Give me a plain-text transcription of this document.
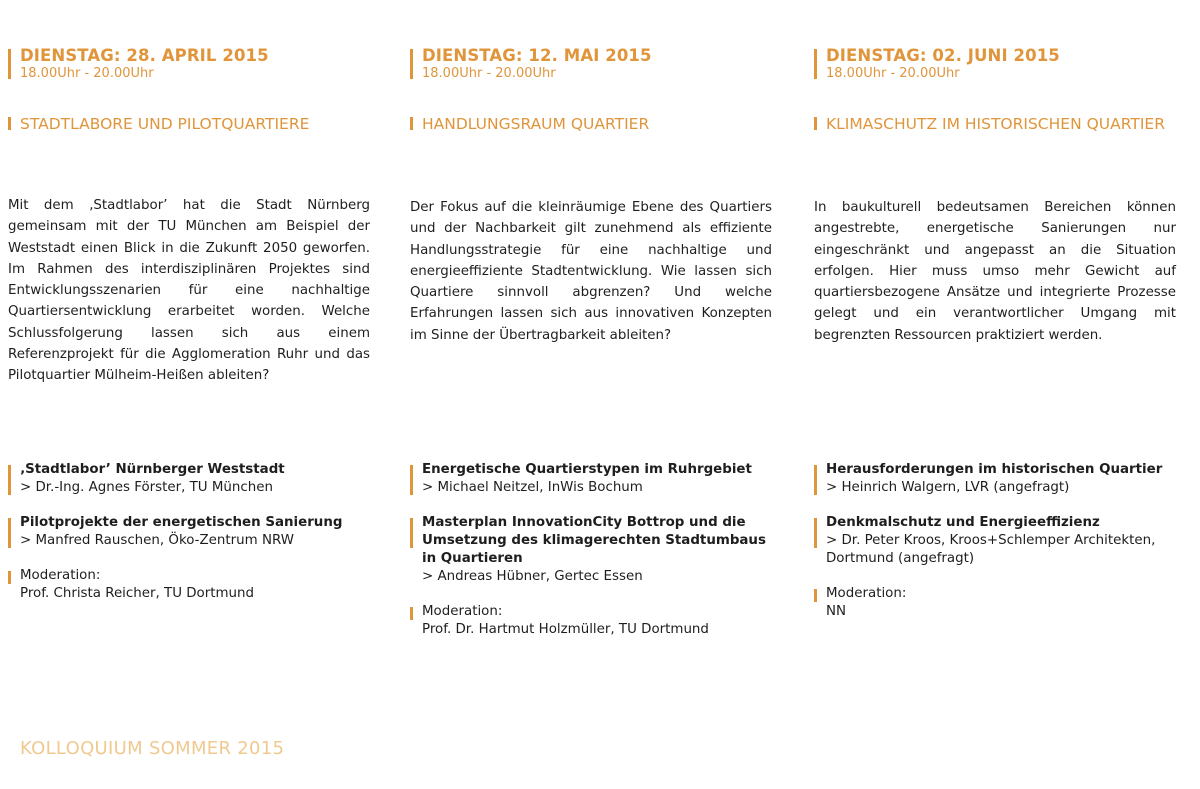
DIENSTAG: 28. APRIL 2015
18.00Uhr - 20.00Uhr
STADTLABORE UND PILOTQUARTIERE

Mit dem ‚Stadtlabor’ hat die Stadt Nürnberg gemeinsam mit der TU München am Beispiel der Weststadt einen Blick in die Zukunft 2050 geworfen. Im Rahmen des interdisziplinären Projektes sind Entwicklungsszenarien für eine nachhaltige Quartiersentwicklung erarbeitet worden. Welche Schlussfolgerung lassen sich aus einem Referenzprojekt für die Agglomeration Ruhr und das Pilotquartier Mülheim-Heißen ableiten?

‚Stadtlabor’ Nürnberger Weststadt
> Dr.-Ing. Agnes Förster, TU München
Pilotprojekte der energetischen Sanierung
> Manfred Rauschen, Öko-Zentrum NRW
Moderation:
Prof. Christa Reicher, TU Dortmund
DIENSTAG: 12. MAI 2015
18.00Uhr - 20.00Uhr
HANDLUNGSRAUM QUARTIER

Der Fokus auf die kleinräumige Ebene des Quartiers und der Nachbarkeit gilt zunehmend als effiziente Handlungsstrategie für eine nachhaltige und energieeffiziente Stadtentwicklung. Wie lassen sich Quartiere sinnvoll abgrenzen? Und welche Erfahrungen lassen sich aus innovativen Konzepten im Sinne der Übertragbarkeit ableiten?

Energetische Quartierstypen im Ruhrgebiet
> Michael Neitzel, InWis Bochum
Masterplan InnovationCity Bottrop und die Umsetzung des klimagerechten Stadtumbaus in Quartieren
> Andreas Hübner, Gertec Essen
Moderation:
Prof. Dr. Hartmut Holzmüller, TU Dortmund
DIENSTAG: 02. JUNI 2015
18.00Uhr - 20.00Uhr
KLIMASCHUTZ IM HISTORISCHEN QUARTIER

In baukulturell bedeutsamen Bereichen können angestrebte, energetische Sanierungen nur eingeschränkt und angepasst an die Situation erfolgen. Hier muss umso mehr Gewicht auf quartiersbezogene Ansätze und integrierte Prozesse gelegt und ein verantwortlicher Umgang mit begrenzten Ressourcen praktiziert werden.

Herausforderungen im historischen Quartier
> Heinrich Walgern, LVR (angefragt)
Denkmalschutz und Energieeffizienz
> Dr. Peter Kroos, Kroos+Schlemper Architekten, Dortmund (angefragt)
Moderation:
NN
KOLLOQUIUM SOMMER 2015
